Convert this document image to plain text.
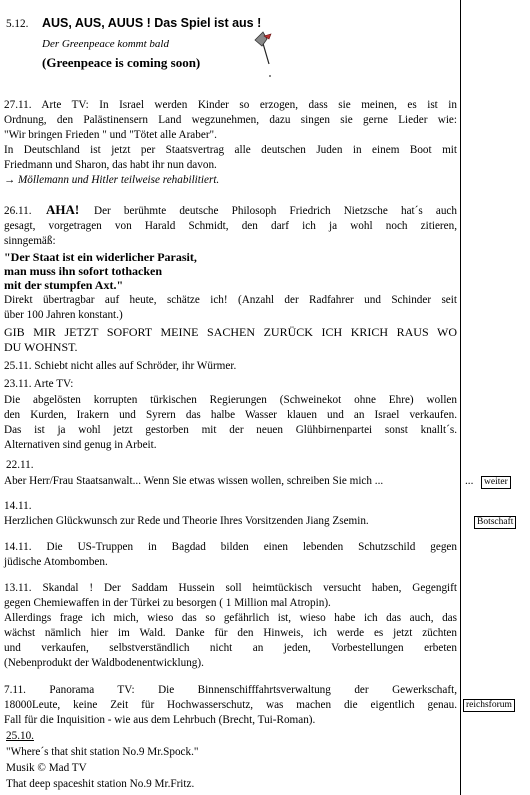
5.12. AUS, AUS, AUUS ! Das Spiel ist aus !
Der Greenpeace kommt bald
(Greenpeace is coming soon)
27.11. Arte TV: In Israel werden Kinder so erzogen, dass sie meinen, es ist in
Ordnung, den Palästinensern Land wegzunehmen, dazu singen sie gerne Lieder wie:
"Wir bringen Frieden " und "Tötet alle Araber".
In Deutschland ist jetzt per Staatsvertrag alle deutschen Juden in einem Boot mit
Friedmann und Sharon, das habt ihr nun davon.
→ Möllemann und Hitler teilweise rehabilitiert.
26.11. AHA! Der berühmte deutsche Philosoph Friedrich Nietzsche hat´s auch
gesagt, vorgetragen von Harald Schmidt, den darf ich ja wohl noch zitieren,
sinngemäß:
"Der Staat ist ein widerlicher Parasit,
man muss ihn sofort tothacken
mit der stumpfen Axt."
Direkt übertragbar auf heute, schätze ich! (Anzahl der Radfahrer und Schinder seit
über 100 Jahren konstant.)
GIB MIR JETZT SOFORT MEINE SACHEN ZURÜCK ICH KRICH RAUS WO
DU WOHNST.
25.11. Schiebt nicht alles auf Schröder, ihr Würmer.
23.11. Arte TV:
Die abgelösten korrupten türkischen Regierungen (Schweinekot ohne Ehre) wollen
den Kurden, Irakern und Syrern das halbe Wasser klauen und an Israel verkaufen.
Das ist ja wohl jetzt gestorben mit der neuen Glühbirnenpartei sonst knallt´s.
Alternativen sind genug in Arbeit.
22.11.
Aber Herr/Frau Staatsanwalt... Wenn Sie etwas wissen wollen, schreiben Sie mich ...	...	weiter
14.11.
Herzlichen Glückwunsch zur Rede und Theorie Ihres Vorsitzenden Jiang Zsemin.	Botschaft
14.11. Die US-Truppen in Bagdad bilden einen lebenden Schutzschild gegen
jüdische Atombomben.
13.11. Skandal ! Der Saddam Hussein soll heimtückisch versucht haben, Gegengift
gegen Chemiewaffen in der Türkei zu besorgen ( 1 Million mal Atropin).
Allerdings frage ich mich, wieso das so gefährlich ist, wieso habe ich das auch, das
wächst nämlich hier im Wald. Danke für den Hinweis, ich werde es jetzt züchten
und verkaufen, selbstverständlich nicht an jeden, Vorbestellungen erbeten
(Nebenprodukt der Waldbodenentwicklung).
7.11. Panorama TV: Die Binnenschifffahrtsverwaltung der Gewerkschaft,
18000Leute, keine Zeit für Hochwasserschutz, was machen die eigentlich genau. reichsforum
Fall für die Inquisition - wie aus dem Lehrbuch (Brecht, Tui-Roman).
25.10.
"Where´s that shit station No.9 Mr.Spock."
Musik © Mad TV
That deep spaceshit station No.9 Mr.Fritz.
